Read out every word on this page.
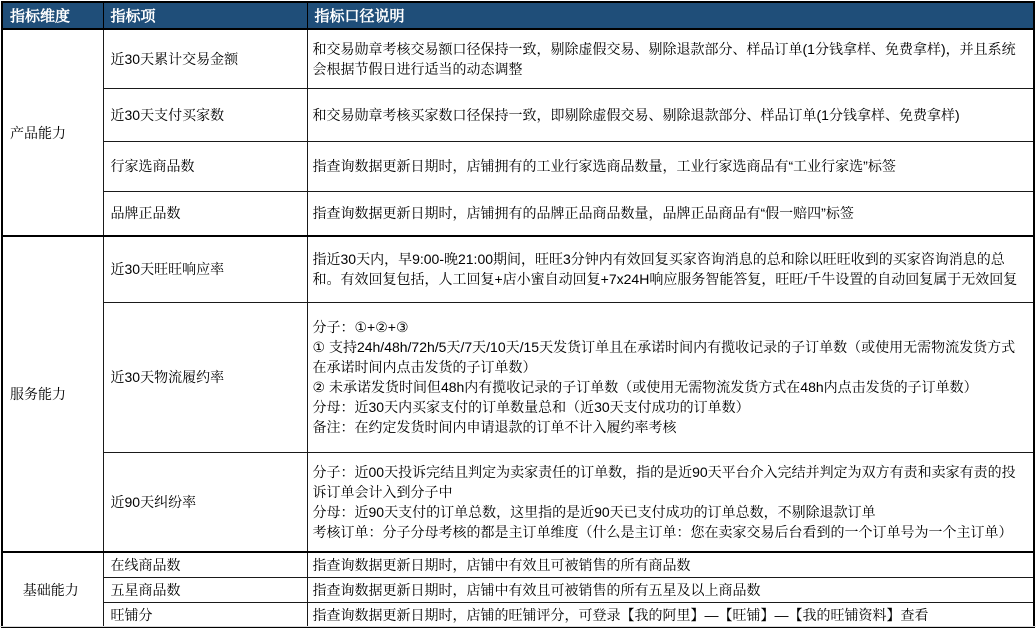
指标维度	指标项	指标口径说明
产品能力	近30天累计交易金额	和交易勋章考核交易额口径保持一致，剔除虚假交易、剔除退款部分、样品订单(1分钱拿样、免费拿样)，并且系统会根据节假日进行适当的动态调整
	近30天支付买家数	和交易勋章考核买家数口径保持一致，即剔除虚假交易、剔除退款部分、样品订单(1分钱拿样、免费拿样)
	行家选商品数	指查询数据更新日期时，店铺拥有的工业行家选商品数量，工业行家选商品有“工业行家选”标签
	品牌正品数	指查询数据更新日期时，店铺拥有的品牌正品商品数量，品牌正品商品有“假一赔四”标签
服务能力	近30天旺旺响应率	指近30天内，早9:00-晚21:00期间，旺旺3分钟内有效回复买家咨询消息的总和除以旺旺收到的买家咨询消息的总和。有效回复包括，人工回复+店小蜜自动回复+7x24H响应服务智能答复，旺旺/千牛设置的自动回复属于无效回复
	近30天物流履约率	分子：①+②+③
① 支持24h/48h/72h/5天/7天/10天/15天发货订单且在承诺时间内有揽收记录的子订单数（或使用无需物流发货方式在承诺时间内点击发货的子订单数）
② 未承诺发货时间但48h内有揽收记录的子订单数（或使用无需物流发货方式在48h内点击发货的子订单数）
分母：近30天内买家支付的订单数量总和（近30天支付成功的订单数）
备注：在约定发货时间内申请退款的订单不计入履约率考核
	近90天纠纷率	分子：近00天投诉完结且判定为卖家责任的订单数，指的是近90天平台介入完结并判定为双方有责和卖家有责的投诉订单会计入到分子中
分母：近90天支付的订单总数，这里指的是近90天已支付成功的订单总数，不剔除退款订单
考核订单：分子分母考核的都是主订单维度（什么是主订单：您在卖家交易后台看到的一个订单号为一个主订单）
基础能力	在线商品数	指查询数据更新日期时，店铺中有效且可被销售的所有商品数
	五星商品数	指查询数据更新日期时，店铺中有效且可被销售的所有五星及以上商品数
	旺铺分	指查询数据更新日期时，店铺的旺铺评分，可登录【我的阿里】—【旺铺】—【我的旺铺资料】查看
